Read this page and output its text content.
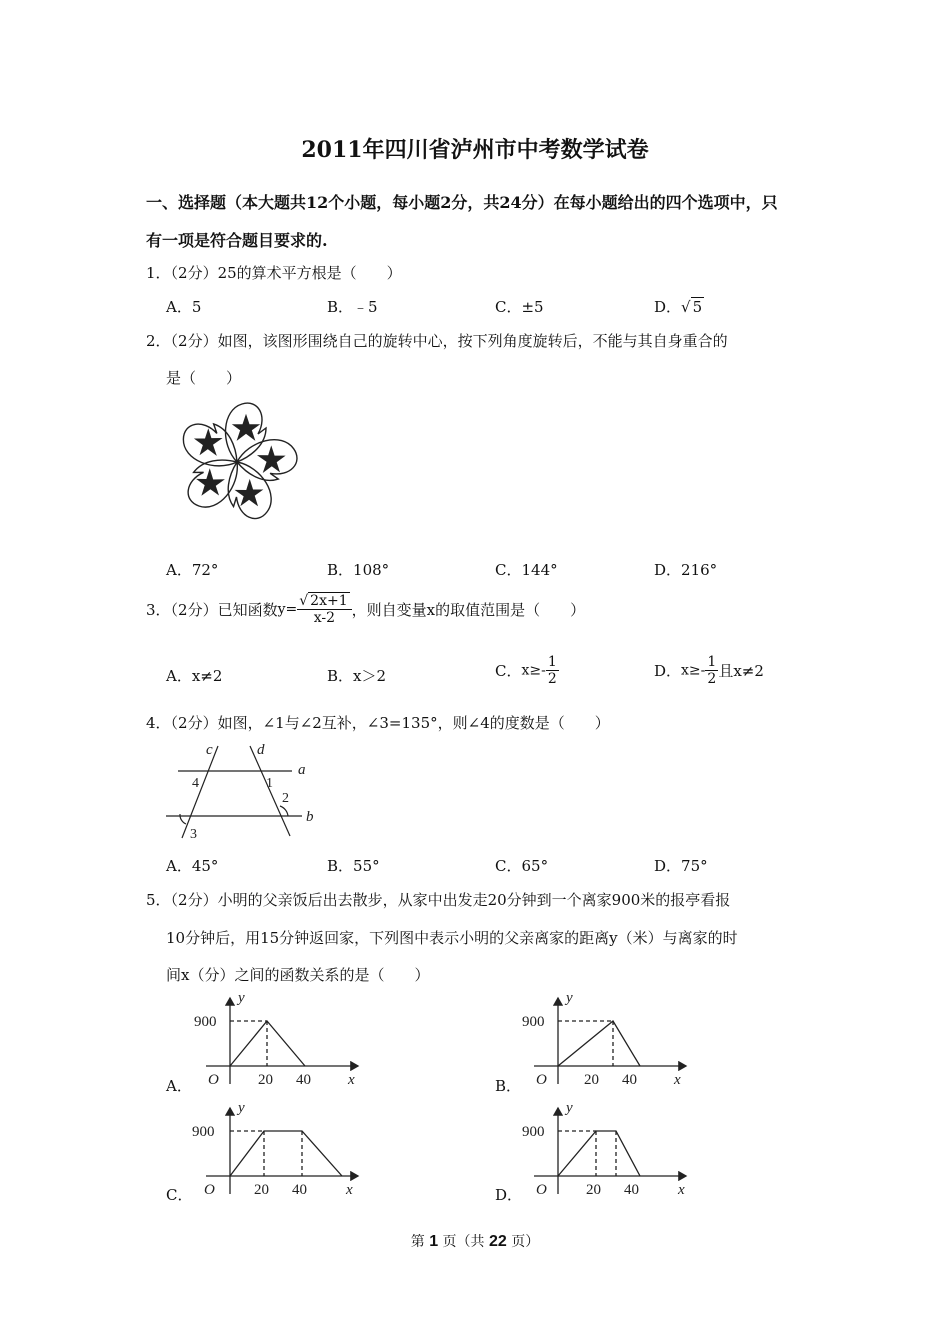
2011年四川省泸州市中考数学试卷
一、选择题（本大题共12个小题，每小题2分，共24分）在每小题给出的四个选项中，只
有一项是符合题目要求的.
1．（2分）25的算术平方根是（　　）
A．5	B．﹣5	C．±5	D．√ 5
2．（2分）如图，该图形围绕自己的旋转中心，按下列角度旋转后，不能与其自身重合的
是（　　）
A．72°	B．108°	C．144°	D．216°
3．（2分）已知函数$y= \frac{√ 2x+1}{x-2}$ ，则自变量x的取值范围是（　　）
A．x≠2	B．x＞2	C．$x\ge- \frac{1}{2}$	D．$x\ge- \frac{1}{2}$ 且x≠2
4．（2分）如图，∠1与∠2互补，∠3=135°，则∠4的度数是（　　）
c	d
a
b
4	1
2
3
A．45°	B．55°	C．65°	D．75°
5．（2分）小明的父亲饭后出去散步，从家中出发走20分钟到一个离家900米的报亭看报
10分钟后，用15分钟返回家，下列图中表示小明的父亲离家的距离y（米）与离家的时
间x（分）之间的函数关系的是（　　）
A．	B．
C．	D．
y
900
O	20 40 x
y
900
O 20 40 x
y
900
O	20 40	x
y
900
O	20 40	x
第 1 页（共 22 页）
